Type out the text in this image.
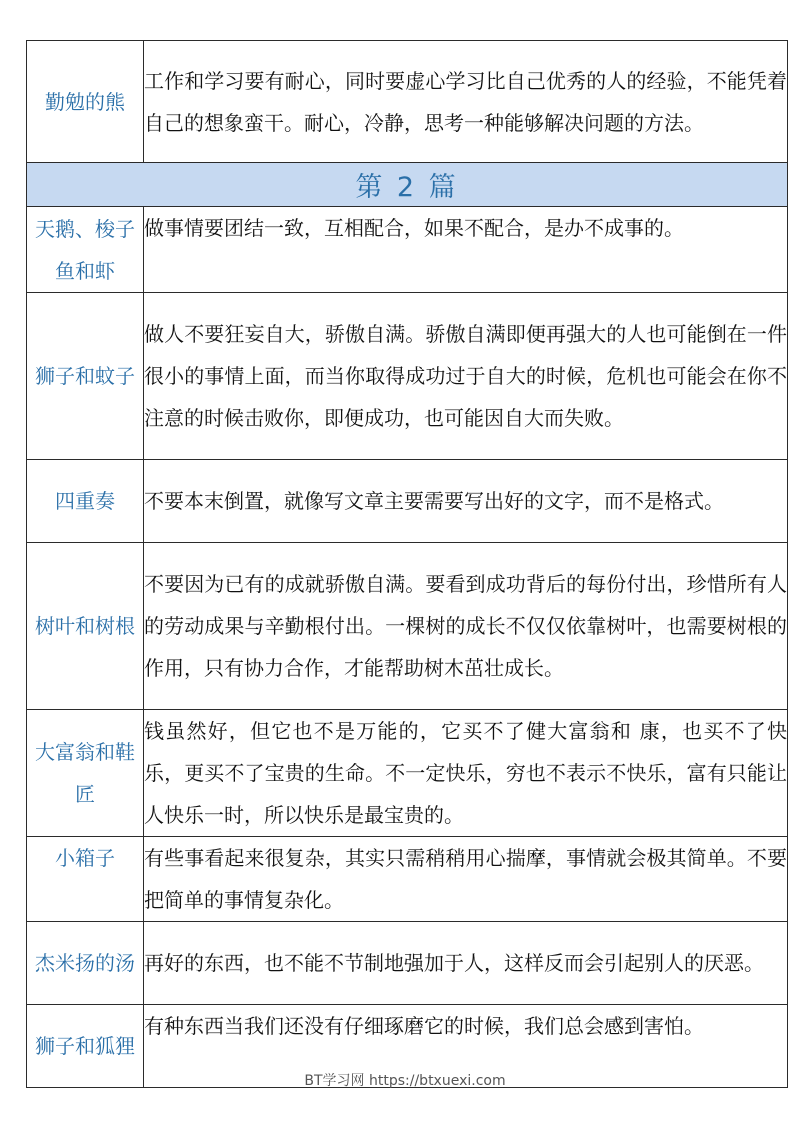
勤勉的熊	工作和学习要有耐心，同时要虚心学习比自己优秀的人的经验，不能凭着自己的想象蛮干。耐心，冷静，思考一种能够解决问题的方法。
第 2 篇	
天鹅、梭子鱼和虾	做事情要团结一致，互相配合，如果不配合，是办不成事的。
狮子和蚊子	做人不要狂妄自大，骄傲自满。骄傲自满即便再强大的人也可能倒在一件很小的事情上面，而当你取得成功过于自大的时候，危机也可能会在你不注意的时候击败你，即便成功，也可能因自大而失败。
四重奏	不要本末倒置，就像写文章主要需要写出好的文字，而不是格式。
树叶和树根	不要因为已有的成就骄傲自满。要看到成功背后的每份付出，珍惜所有人的劳动成果与辛勤根付出。一棵树的成长不仅仅依靠树叶，也需要树根的作用，只有协力合作，才能帮助树木茁壮成长。
大富翁和鞋匠	钱虽然好，但它也不是万能的，它买不了健大富翁和 康，也买不了快乐，更买不了宝贵的生命。不一定快乐，穷也不表示不快乐，富有只能让人快乐一时，所以快乐是最宝贵的。
小箱子	有些事看起来很复杂，其实只需稍稍用心揣摩，事情就会极其简单。不要把简单的事情复杂化。
杰米扬的汤	再好的东西，也不能不节制地强加于人，这样反而会引起别人的厌恶。
狮子和狐狸	有种东西当我们还没有仔细琢磨它的时候，我们总会感到害怕。
BT学习网 https://btxuexi.com
